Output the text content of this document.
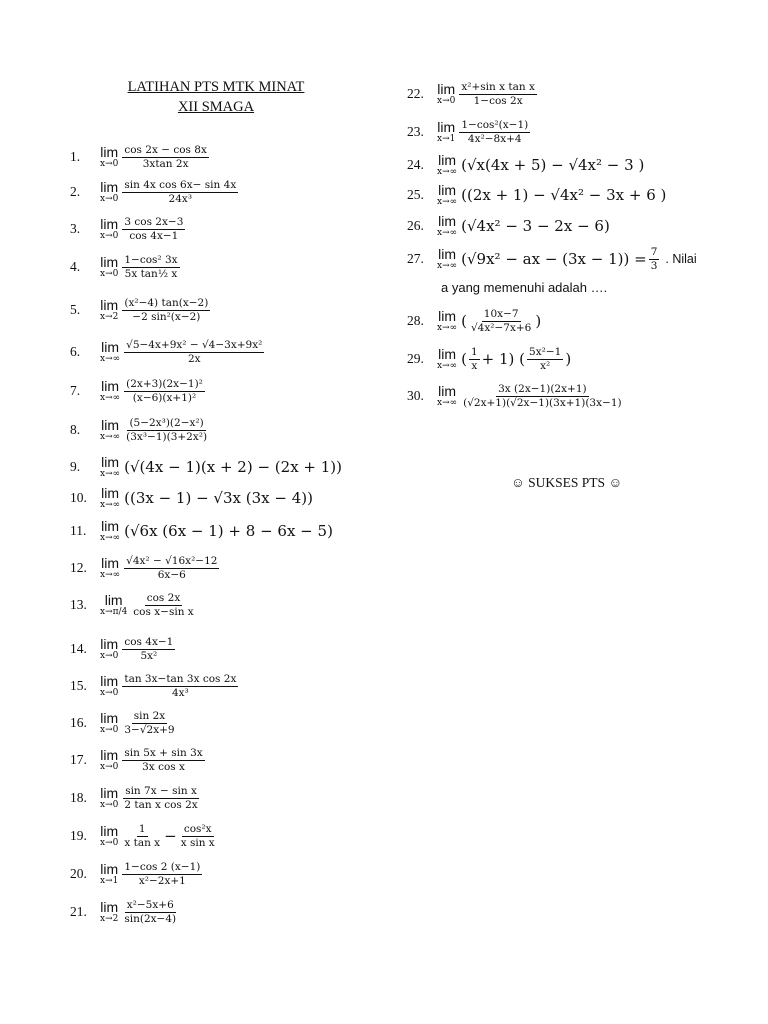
LATIHAN PTS MTK MINAT
XII SMAGA
1.	lim
$x\to 0 \frac{\cos 2x - \cos 8x}{3xtan 2x}$
2.	lim
$x\to 0 \frac{\text{sin 4x cos 6x− sin 4x}}{\text{24x³}}$
3.	lim
$x\to 0 \frac{3 \cos 2x-3}{\cos 4x-1}$
4.	lim
$x\to 0 \frac{\text{1−cos² 3x}}{\text{5x tan½ x}}$
5.	lim
$x\to 2 \frac{\text{(x²−4) tan(x−2)}}{\text{−2 sin²(x−2)}}$
6.	lim
$x\to\infty \frac{\text{√5−4x+9x² − √4−3x+9x²}}{2x}$
7.	lim
$x\to\infty \frac{\text{(2x+3)(2x−1)²}}{\text{(x−6)(x+1)²}}$
8.	lim
$x\to\infty \frac{\text{(5−2x³)(2−x²)}}{\text{(3x³−1)(3+2x²)}}$
9.	lim
x→∞ (√(4x − 1)(x + 2) − (2x + 1))
10.	lim
x→∞ ((3x − 1) − √3x (3x − 4))
11.	lim
x→∞ (√6x (6x − 1) + 8 − 6x − 5)
12.	lim
$x\to\infty \frac{\text{√4x² − √16x²−12}}{6x-6}$
13.	lim
$x\to\pi/4 \frac{\cos 2x}{\text{cos x−sin x}}$
14. lim
$x\to 0 \frac{\cos 4x-1}{\text{5x²}}$
15. lim
$x\to 0 \frac{\text{tan 3x−tan 3x cos 2x}}{\text{4x³}}$
16. lim
$x\to 0 \frac{\sin 2x}{3-√2x+9}$
17. lim
$x\to 0 \frac{\sin 5x + \sin 3x}{\text{3x cos x}}$
18. lim
$x\to 0 \frac{\text{sin 7x − sin x}}{\text{2 tan x cos 2x}}$
19. lim
$x\to 0 \frac{1}{\text{x tan x}} - \frac{\text{cos²x}}{\text{x sin x}}$
20. lim
$x\to 1 \frac{1-\cos 2 (x-1)}{\text{x²−2x+1}}$
21. lim
$x\to 2 \frac{\text{x²−5x+6}}{\sin(2x-4)}$
22. lim
$x\to 0 \frac{\text{x²+sin x tan x}}{1-\cos 2x}$
23. lim
$x\to 1 \frac{\text{1−cos²(x−1)}}{\text{4x²−8x+4}}$
24.	lim
x→∞ (√x(4x + 5) − √4x² − 3 )
25.	lim
x→∞ ((2x + 1) − √4x² − 3x + 6 )
26.	lim
x→∞ (√4x² − 3 − 2x − 6)
27.	lim
x→∞ (√9x² − ax − $(3x - 1)) = \frac{7}{3}$ . Nilai
28.	lim
x→∞ ( $\frac{10x-7}{\text{√4x²−7x+6}}$ )
29.	lim
x→∞ ( $\frac{1}{x} + 1$) ( $\frac{\text{5x²−1}}{\text{x²}}$ )
30.	lim
$x\to\infty \frac{3x (2x-1)(2x+1)}{(√2x+1)(√2x-1)(3x+1)(3x-1)}$
a yang memenuhi adalah ….
☺ SUKSES PTS ☺
